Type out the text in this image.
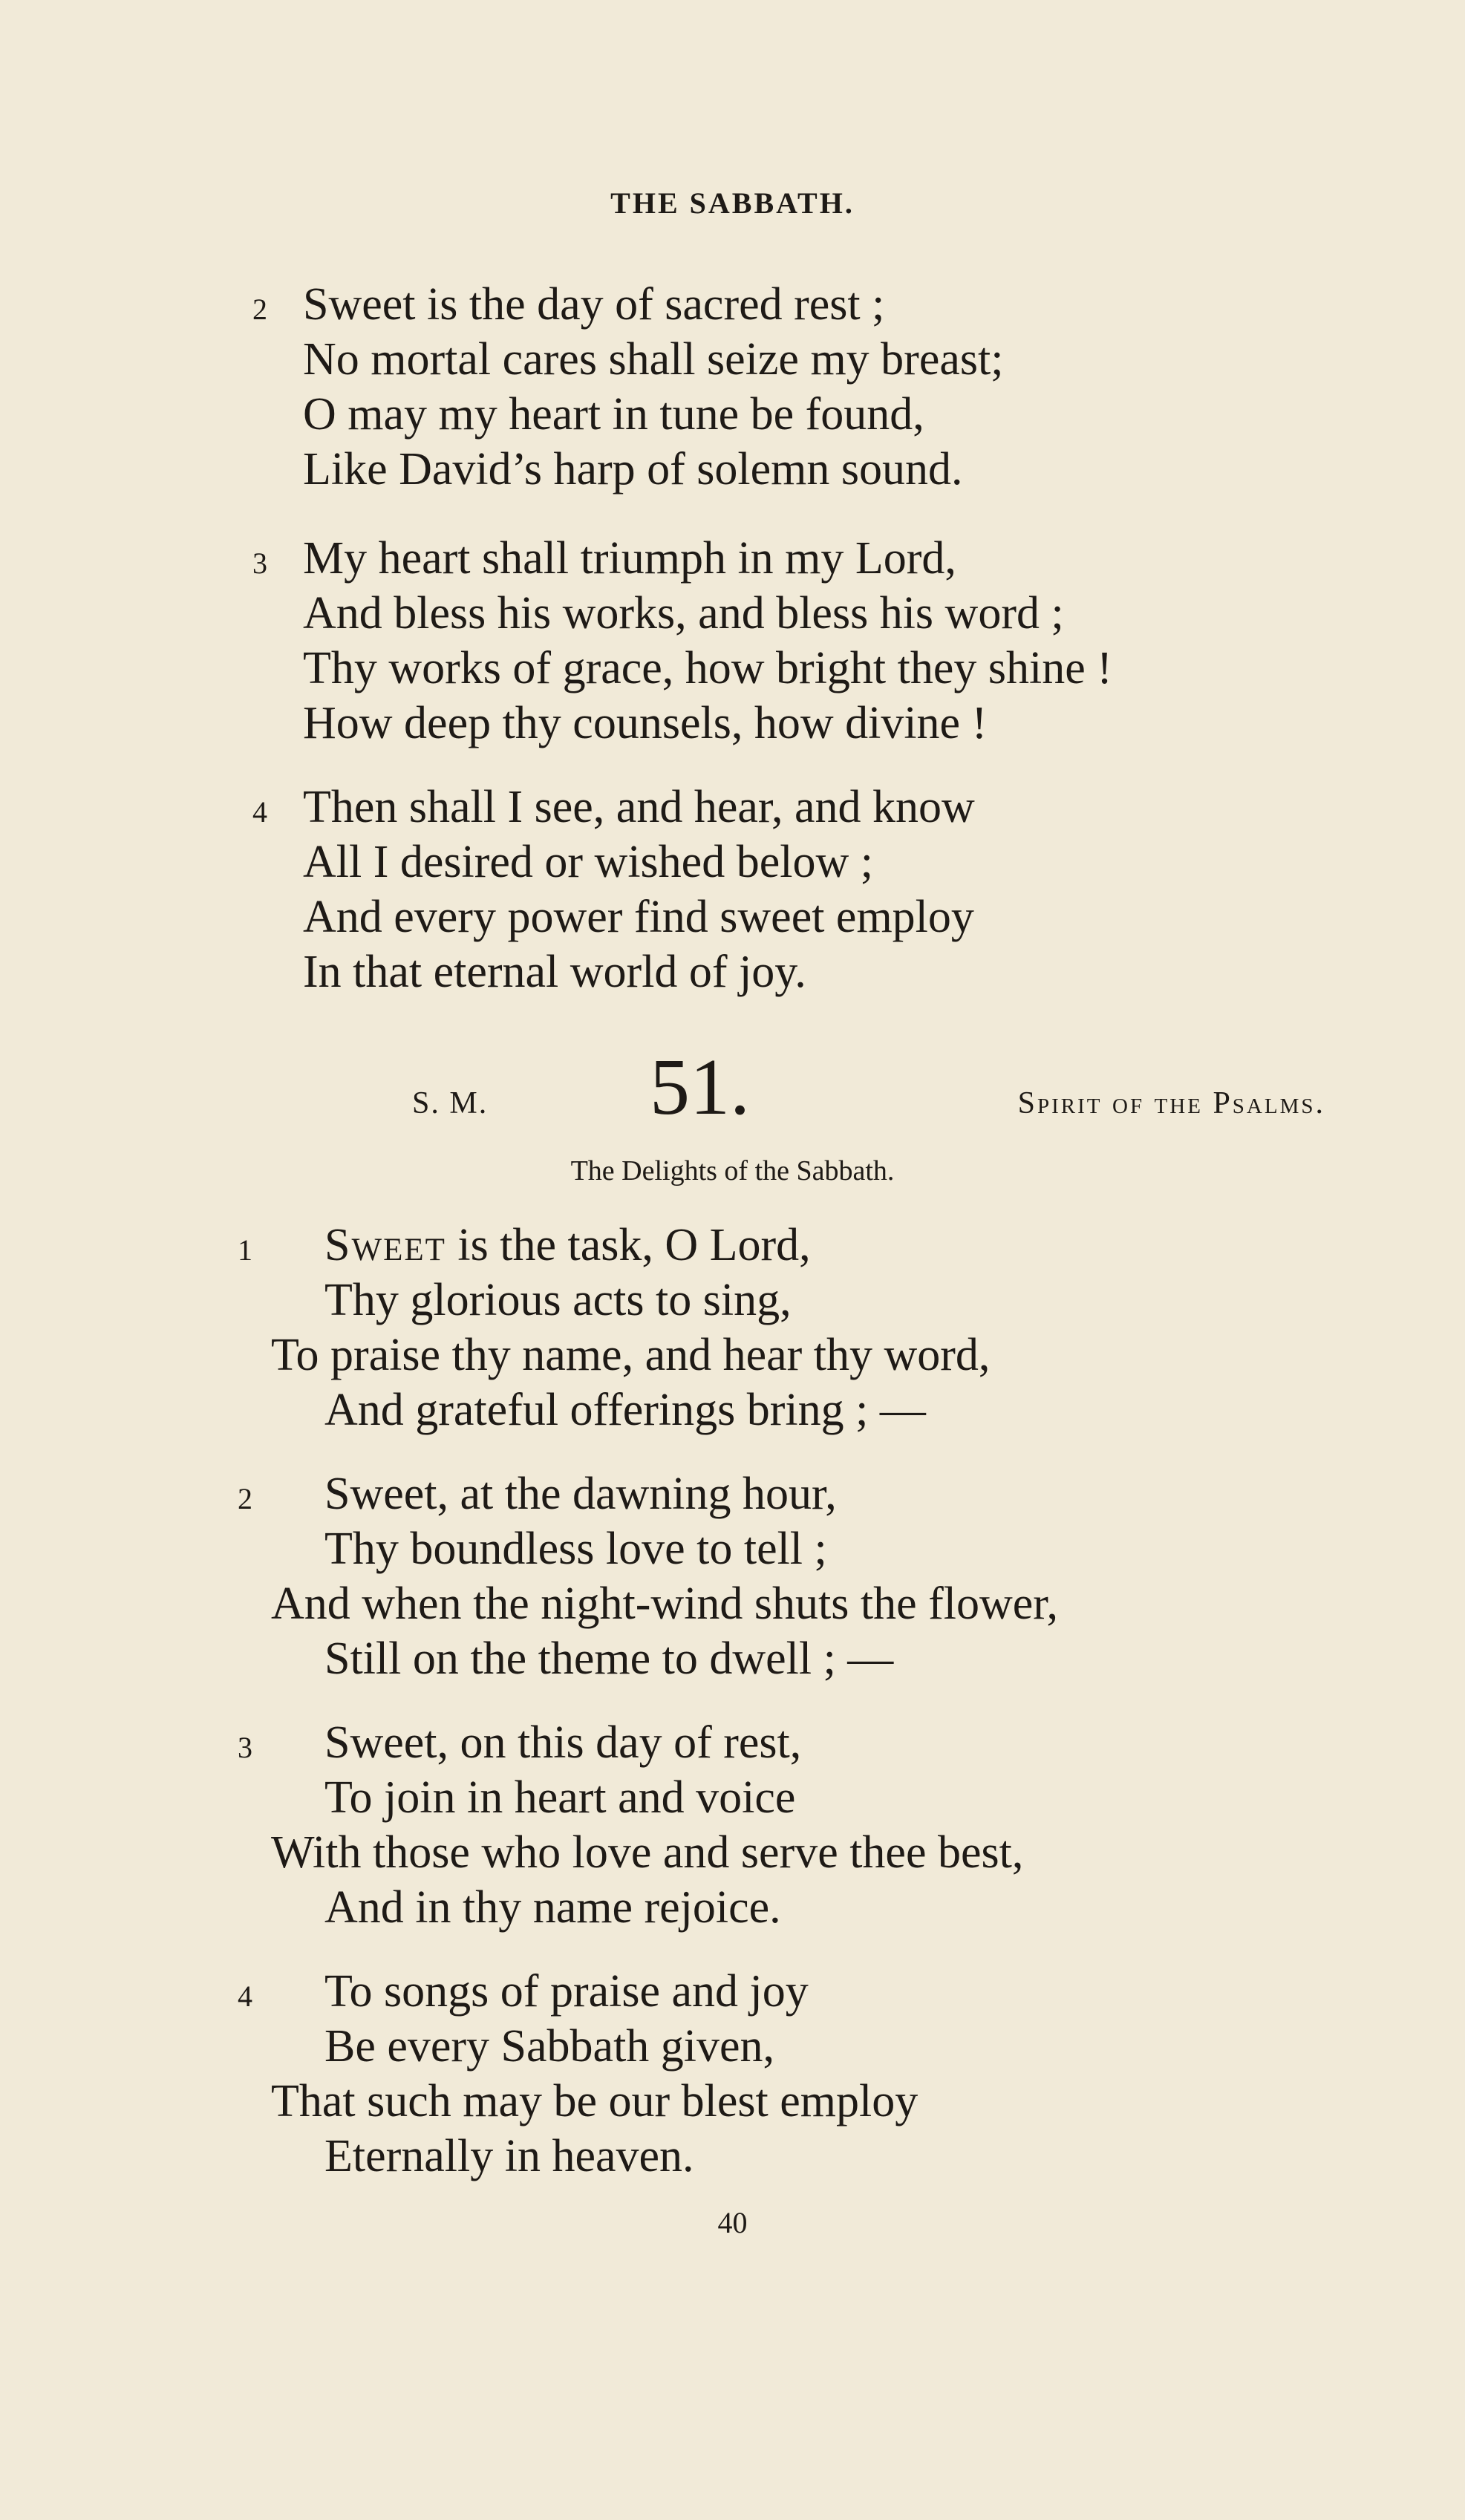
THE SABBATH.
2 Sweet is the day of sacred rest ;
No mortal cares shall seize my breast;
O may my heart in tune be found,
Like David’s harp of solemn sound.
3 My heart shall triumph in my Lord,
And bless his works, and bless his word ;
Thy works of grace, how bright they shine !
How deep thy counsels, how divine !
4 Then shall I see, and hear, and know
All I desired or wished below ;
And every power find sweet employ
In that eternal world of joy.
S. M. 51.	Spirit of the Psalms.
The Delights of the Sabbath.
1	Sweet is the task, O Lord,
Thy glorious acts to sing,
To praise thy name, and hear thy word,
And grateful offerings bring ; —
2	Sweet, at the dawning hour,
Thy boundless love to tell ;
And when the night-wind shuts the flower,
Still on the theme to dwell ; —
3	Sweet, on this day of rest,
To join in heart and voice
With those who love and serve thee best,
And in thy name rejoice.
4	To songs of praise and joy
Be every Sabbath given,
That such may be our blest employ
Eternally in heaven.
40
